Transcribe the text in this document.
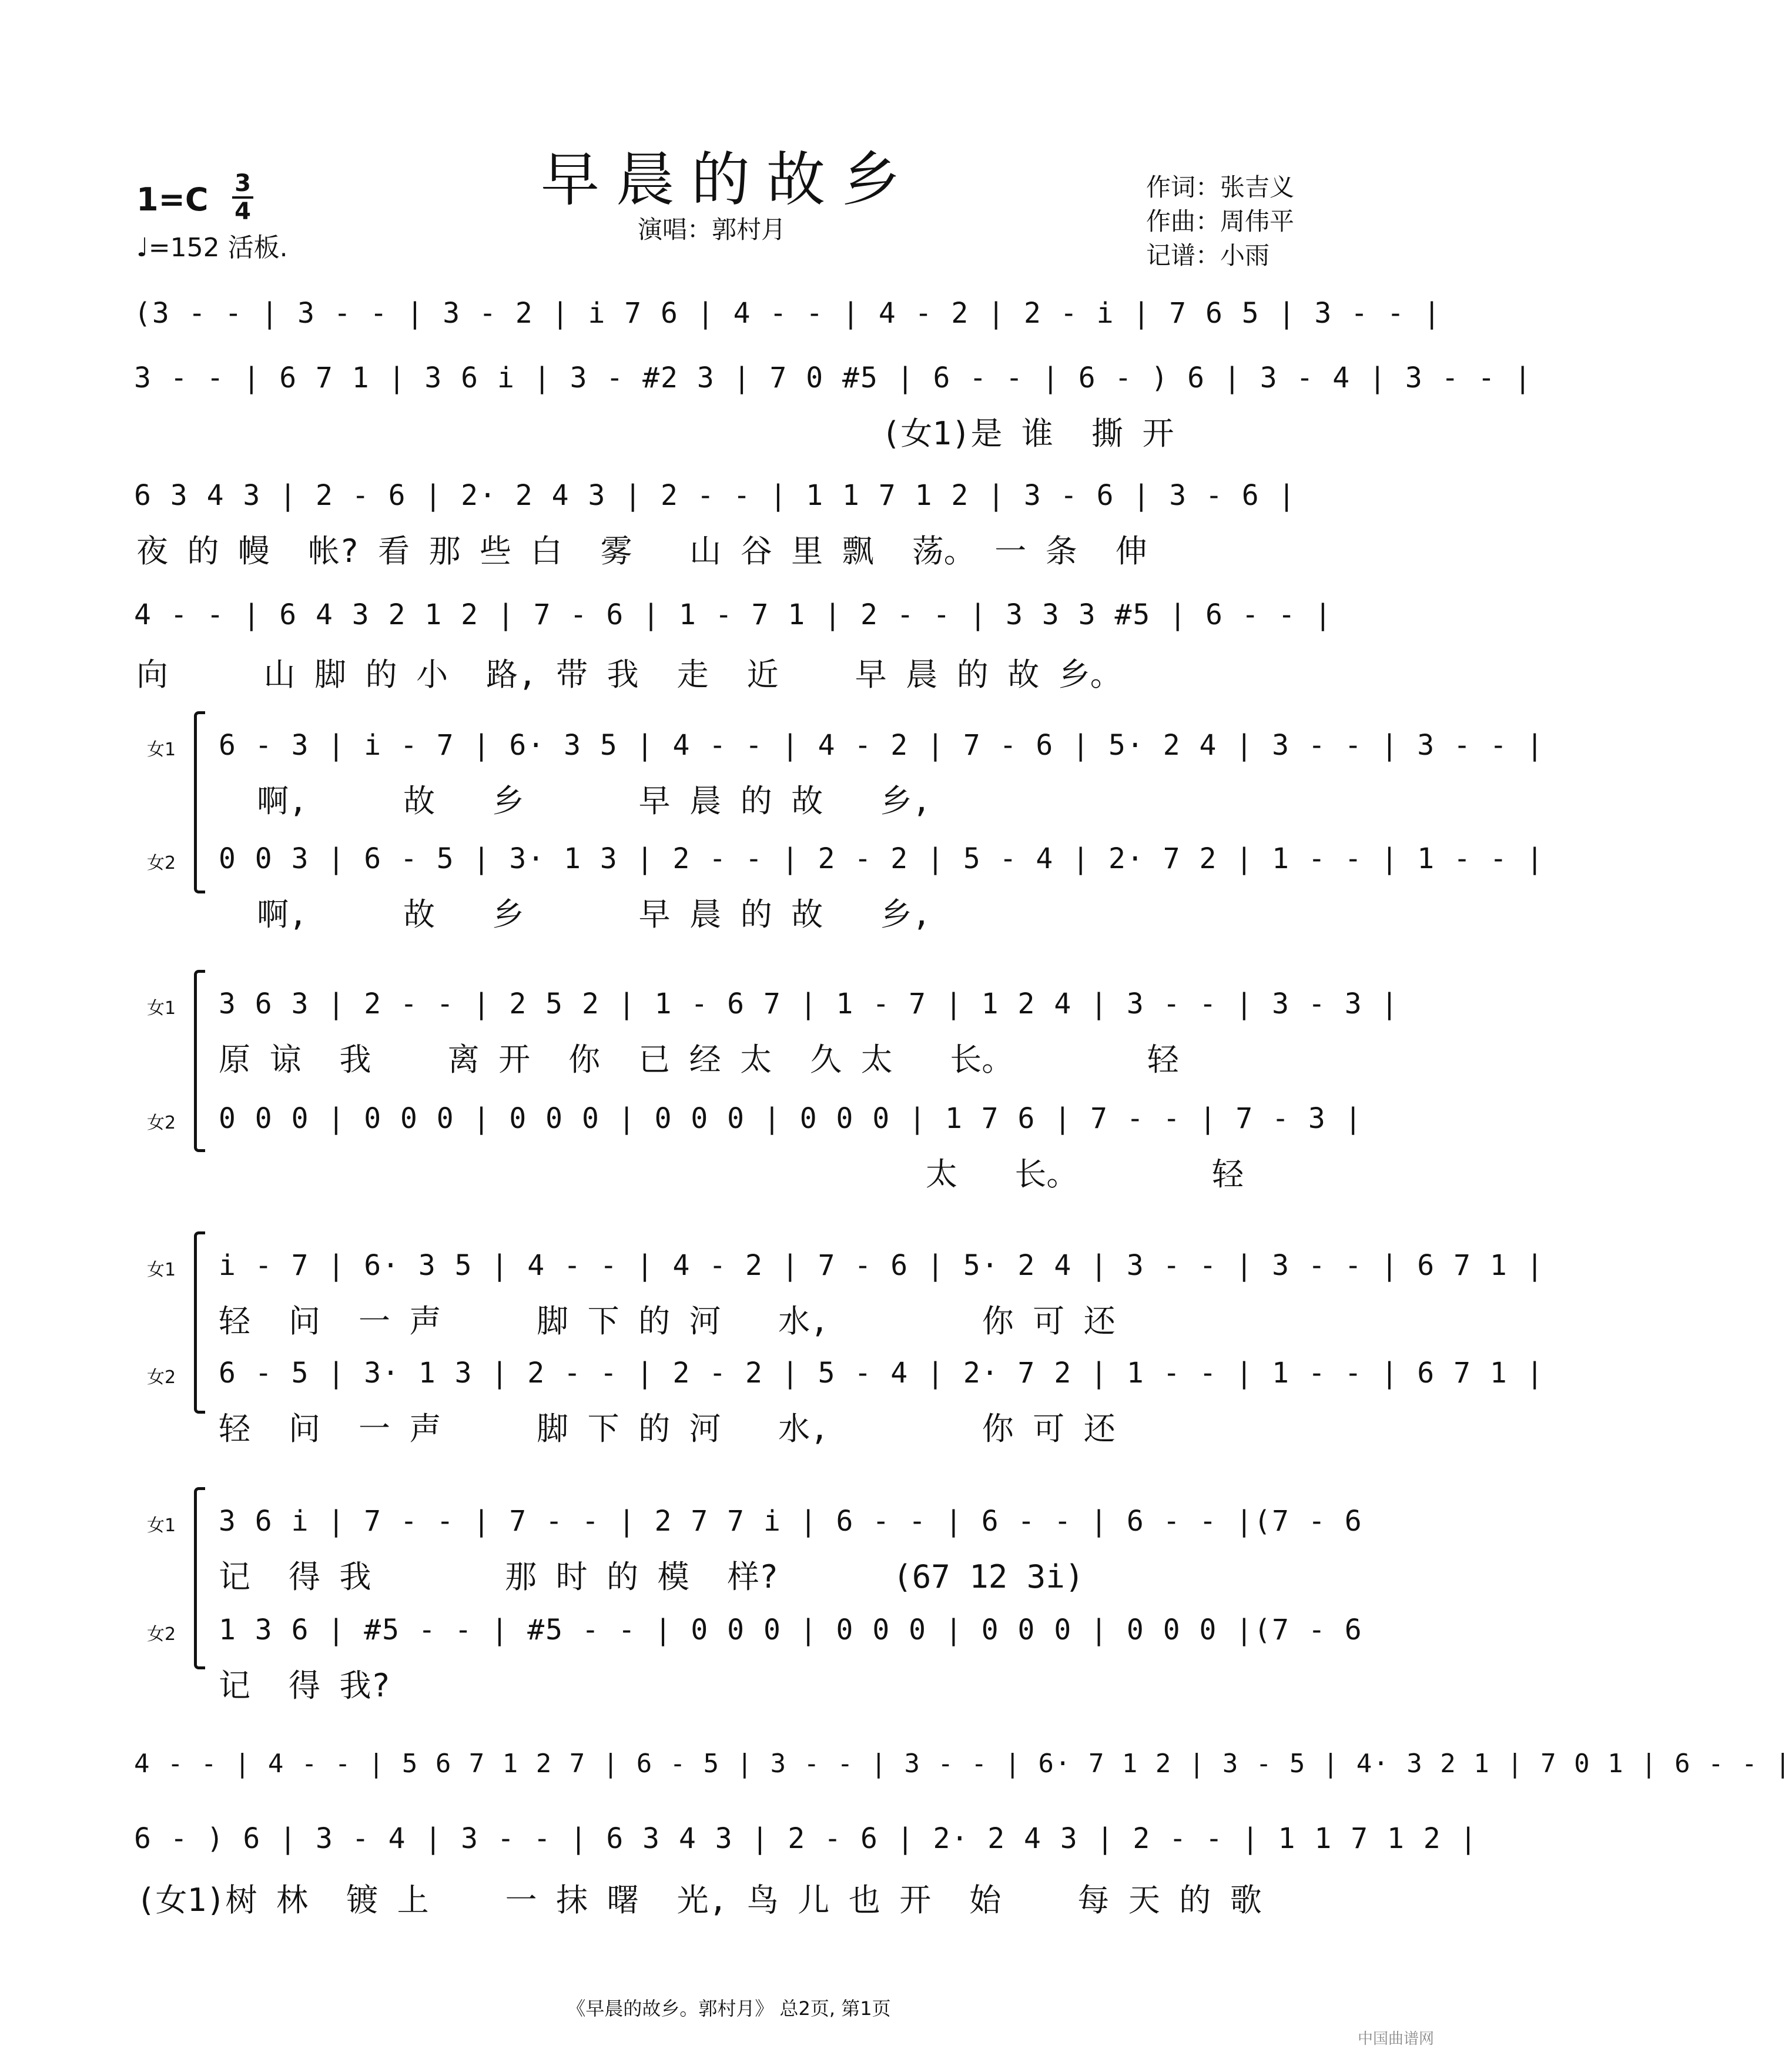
早晨的故乡
1=C 3
4
♩=152 活板.
演唱：郭村月
作词：张吉义
作曲：周伟平
记谱：小雨
(3 - - | 3 - - | 3 - 2 | i 7 6 | 4 - - | 4 - 2 | 2 - i | 7 6 5 | 3 - - |
3 - - | 6 7 1 | 3 6 i | 3 - #2 3 | 7 0 #5 | 6 - - | 6 - ) 6 | 3 - 4 | 3 - - |
(女1)是 谁  撕 开
6 3 4 3 | 2 - 6 | 2· 2 4 3 | 2 - - | 1 1 7 1 2 | 3 - 6 | 3 - 6 |
夜 的 幔  帐? 看 那 些 白  雾   山 谷 里 飘  荡。 一 条  伸
4 - - | 6 4 3 2 1 2 | 7 - 6 | 1 - 7 1 | 2 - - | 3 3 3 #5 | 6 - - |
向     山 脚 的 小  路, 带 我  走  近    早 晨 的 故 乡。
女1 6 - 3 | i - 7 | 6· 3 5 | 4 - - | 4 - 2 | 7 - 6 | 5· 2 4 | 3 - - | 3 - - |
啊,     故   乡      早 晨 的 故   乡,
女2 0 0 3 | 6 - 5 | 3· 1 3 | 2 - - | 2 - 2 | 5 - 4 | 2· 7 2 | 1 - - | 1 - - |
啊,     故   乡      早 晨 的 故   乡,
女1 3 6 3 | 2 - - | 2 5 2 | 1 - 6 7 | 1 - 7 | 1 2 4 | 3 - - | 3 - 3 |
原 谅  我    离 开  你  已 经 太  久 太   长。       轻
女2 0 0 0 | 0 0 0 | 0 0 0 | 0 0 0 | 0 0 0 | 1 7 6 | 7 - - | 7 - 3 |
太   长。       轻
女1 i - 7 | 6· 3 5 | 4 - - | 4 - 2 | 7 - 6 | 5· 2 4 | 3 - - | 3 - - | 6 7 1 |
轻  问  一 声     脚 下 的 河   水,        你 可 还
女2 6 - 5 | 3· 1 3 | 2 - - | 2 - 2 | 5 - 4 | 2· 7 2 | 1 - - | 1 - - | 6 7 1 |
轻  问  一 声     脚 下 的 河   水,        你 可 还
女1 3 6 i | 7 - - | 7 - - | 2 7 7 i | 6 - - | 6 - - | 6 - - |(7 - 6
记  得 我       那 时 的 模  样?      (67 12 3i)
女2 1 3 6 | #5 - - | #5 - - | 0 0 0 | 0 0 0 | 0 0 0 | 0 0 0 |(7 - 6
记  得 我?
4 - - | 4 - - | 5 6 7 1 2 7 | 6 - 5 | 3 - - | 3 - - | 6· 7 1 2 | 3 - 5 | 4· 3 2 1 | 7 0 1 | 6 - - |
6 - ) 6 | 3 - 4 | 3 - - | 6 3 4 3 | 2 - 6 | 2· 2 4 3 | 2 - - | 1 1 7 1 2 |
(女1)树 林  镀 上    一 抹 曙  光, 鸟 儿 也 开  始    每 天 的 歌
《早晨的故乡。郭村月》 总2页, 第1页
中国曲谱网
